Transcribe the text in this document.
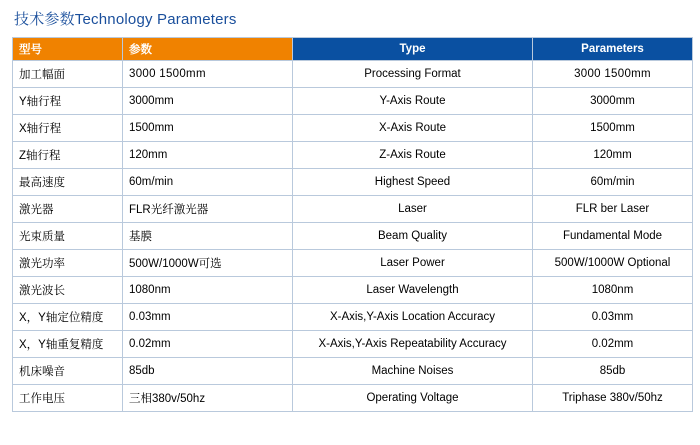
技术参数Technology Parameters
型号	参数	Type	Parameters
加工幅面	3000 1500mm	Processing Format	3000 1500mm
Y轴行程	3000mm	Y-Axis Route	3000mm
X轴行程	1500mm	X-Axis Route	1500mm
Z轴行程	120mm	Z-Axis Route	120mm
最高速度	60m/min	Highest Speed	60m/min
激光器	FLR光纤激光器	Laser	FLR ber Laser
光束质量	基膜	Beam Quality	Fundamental Mode
激光功率	500W/1000W可选	Laser Power	500W/1000W Optional
激光波长	1080nm	Laser Wavelength	1080nm
X，Y轴定位精度	0.03mm	X-Axis,Y-Axis Location Accuracy	0.03mm
X，Y轴重复精度	0.02mm	X-Axis,Y-Axis Repeatability Accuracy	0.02mm
机床噪音	85db	Machine Noises	85db
工作电压	三相380v/50hz	Operating Voltage	Triphase 380v/50hz
